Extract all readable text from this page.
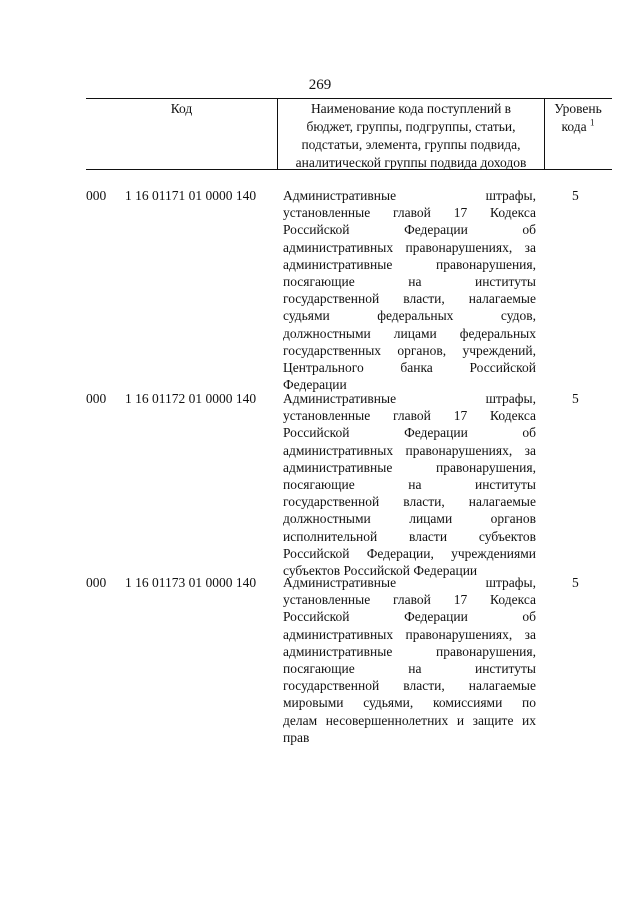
269
Код	Наименование кода поступлений в
бюджет, группы, подгруппы, статьи,
подстатьи, элемента, группы подвида,
аналитической группы подвида доходов
Уровень
кода $^1$
000 1 16 01171 01 0000 140 Административные штрафы,
установленные главой 17 Кодекса
Российской Федерации об
административных правонарушениях, за
административные правонарушения,
посягающие на институты
государственной власти, налагаемые
судьями федеральных судов,
должностными лицами федеральных
государственных органов, учреждений,
Центрального банка Российской
Федерации
5
000 1 16 01172 01 0000 140 Административные штрафы,
установленные главой 17 Кодекса
Российской Федерации об
административных правонарушениях, за
административные правонарушения,
посягающие на институты
государственной власти, налагаемые
должностными лицами органов
исполнительной власти субъектов
Российской Федерации, учреждениями
субъектов Российской Федерации
5
000 1 16 01173 01 0000 140 Административные штрафы,
установленные главой 17 Кодекса
Российской Федерации об
административных правонарушениях, за
административные правонарушения,
посягающие на институты
государственной власти, налагаемые
мировыми судьями, комиссиями по
делам несовершеннолетних и защите их
прав
5
